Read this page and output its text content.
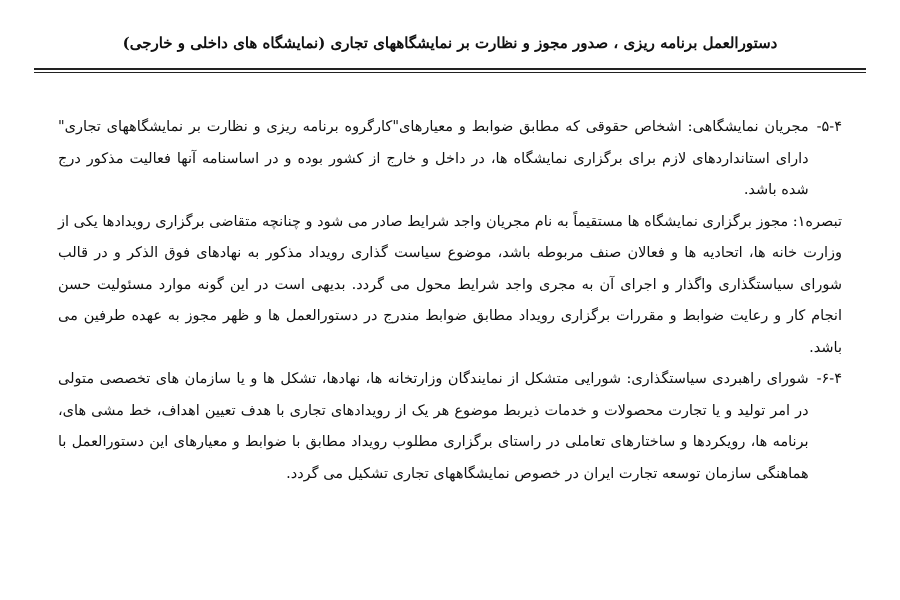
دستورالعمل برنامه ریزی ، صدور مجوز و نظارت بر نمایشگاههای تجاری (نمایشگاه های داخلی و خارجی)
۵-۴-

مجریان نمایشگاهی: اشخاص حقوقی که مطابق ضوابط و معیارهای"کارگروه برنامه ریزی و نظارت بر نمایشگاههای تجاری" دارای استانداردهای لازم برای برگزاری نمایشگاه ها، در داخل و خارج از کشور بوده و در اساسنامه آنها فعالیت مذکور درج شده باشد.

تبصره۱: مجوز برگزاری نمایشگاه ها مستقیماً به نام مجریان واجد شرایط صادر می شود و چنانچه متقاضی برگزاری رویدادها یکی از وزارت خانه ها، اتحادیه ها و فعالان صنف مربوطه باشد، موضوع سیاست گذاری رویداد مذکور به نهادهای فوق الذکر و در قالب شورای سیاستگذاری واگذار و اجرای آن به مجری واجد شرایط محول می گردد. بدیهی است در این گونه موارد مسئولیت حسن انجام کار و رعایت ضوابط و مقررات برگزاری رویداد مطابق ضوابط مندرج در دستورالعمل ها و ظهر مجوز به عهده طرفین می باشد.

۶-۴-

شورای راهبردی سیاستگذاری: شورایی متشکل از نمایندگان وزارتخانه ها، نهادها، تشکل ها و یا سازمان های تخصصی متولی در امر تولید و یا تجارت محصولات و خدمات ذیربط موضوع هر یک از رویدادهای تجاری با هدف تعیین اهداف، خط مشی های، برنامه ها، رویکردها و ساختارهای تعاملی در راستای برگزاری مطلوب رویداد مطابق با ضوابط و معیارهای این دستورالعمل با هماهنگی سازمان توسعه تجارت ایران در خصوص نمایشگاههای تجاری تشکیل می گردد.
